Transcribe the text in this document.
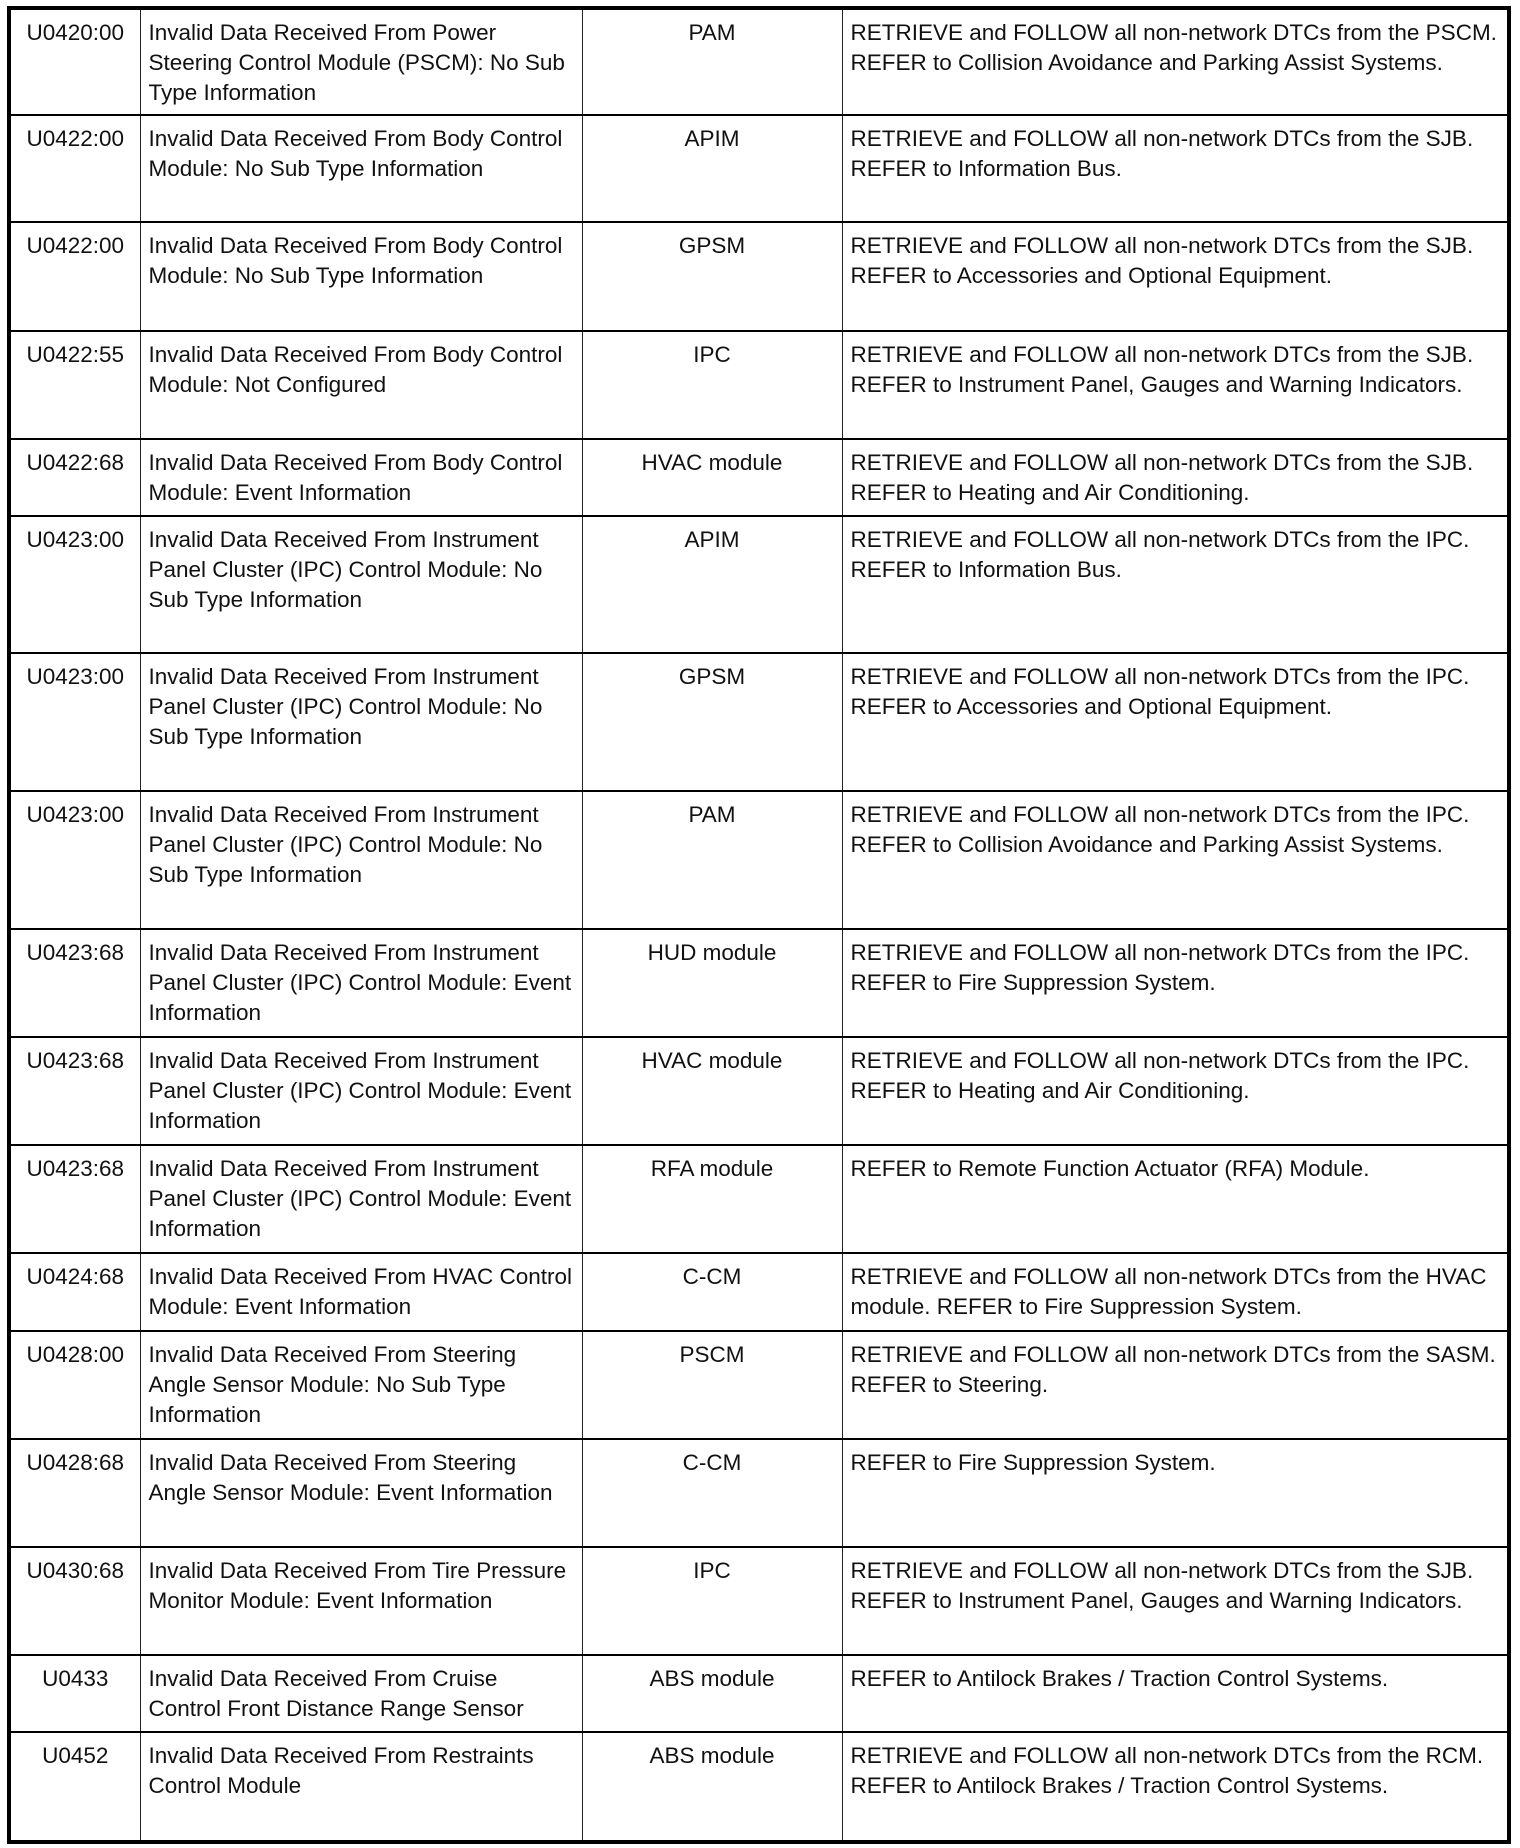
U0420:00	Invalid Data Received From Power Steering Control Module (PSCM): No Sub Type Information	PAM	RETRIEVE and FOLLOW all non-network DTCs from the PSCM. REFER to Collision Avoidance and Parking Assist Systems.
U0422:00	Invalid Data Received From Body Control Module: No Sub Type Information	APIM	RETRIEVE and FOLLOW all non-network DTCs from the SJB. REFER to Information Bus.
U0422:00	Invalid Data Received From Body Control Module: No Sub Type Information	GPSM	RETRIEVE and FOLLOW all non-network DTCs from the SJB. REFER to Accessories and Optional Equipment.
U0422:55	Invalid Data Received From Body Control Module: Not Configured	IPC	RETRIEVE and FOLLOW all non-network DTCs from the SJB. REFER to Instrument Panel, Gauges and Warning Indicators.
U0422:68	Invalid Data Received From Body Control Module: Event Information	HVAC module	RETRIEVE and FOLLOW all non-network DTCs from the SJB. REFER to Heating and Air Conditioning.
U0423:00	Invalid Data Received From Instrument Panel Cluster (IPC) Control Module: No Sub Type Information	APIM	RETRIEVE and FOLLOW all non-network DTCs from the IPC. REFER to Information Bus.
U0423:00	Invalid Data Received From Instrument Panel Cluster (IPC) Control Module: No Sub Type Information	GPSM	RETRIEVE and FOLLOW all non-network DTCs from the IPC. REFER to Accessories and Optional Equipment.
U0423:00	Invalid Data Received From Instrument Panel Cluster (IPC) Control Module: No Sub Type Information	PAM	RETRIEVE and FOLLOW all non-network DTCs from the IPC. REFER to Collision Avoidance and Parking Assist Systems.
U0423:68	Invalid Data Received From Instrument Panel Cluster (IPC) Control Module: Event Information	HUD module	RETRIEVE and FOLLOW all non-network DTCs from the IPC. REFER to Fire Suppression System.
U0423:68	Invalid Data Received From Instrument Panel Cluster (IPC) Control Module: Event Information	HVAC module	RETRIEVE and FOLLOW all non-network DTCs from the IPC. REFER to Heating and Air Conditioning.
U0423:68	Invalid Data Received From Instrument Panel Cluster (IPC) Control Module: Event Information	RFA module	REFER to Remote Function Actuator (RFA) Module.
U0424:68	Invalid Data Received From HVAC Control Module: Event Information	C-CM	RETRIEVE and FOLLOW all non-network DTCs from the HVAC module. REFER to Fire Suppression System.
U0428:00	Invalid Data Received From Steering Angle Sensor Module: No Sub Type Information	PSCM	RETRIEVE and FOLLOW all non-network DTCs from the SASM. REFER to Steering.
U0428:68	Invalid Data Received From Steering Angle Sensor Module: Event Information	C-CM	REFER to Fire Suppression System.
U0430:68	Invalid Data Received From Tire Pressure Monitor Module: Event Information	IPC	RETRIEVE and FOLLOW all non-network DTCs from the SJB. REFER to Instrument Panel, Gauges and Warning Indicators.
U0433	Invalid Data Received From Cruise Control Front Distance Range Sensor	ABS module	REFER to Antilock Brakes / Traction Control Systems.
U0452	Invalid Data Received From Restraints Control Module	ABS module	RETRIEVE and FOLLOW all non-network DTCs from the RCM. REFER to Antilock Brakes / Traction Control Systems.
